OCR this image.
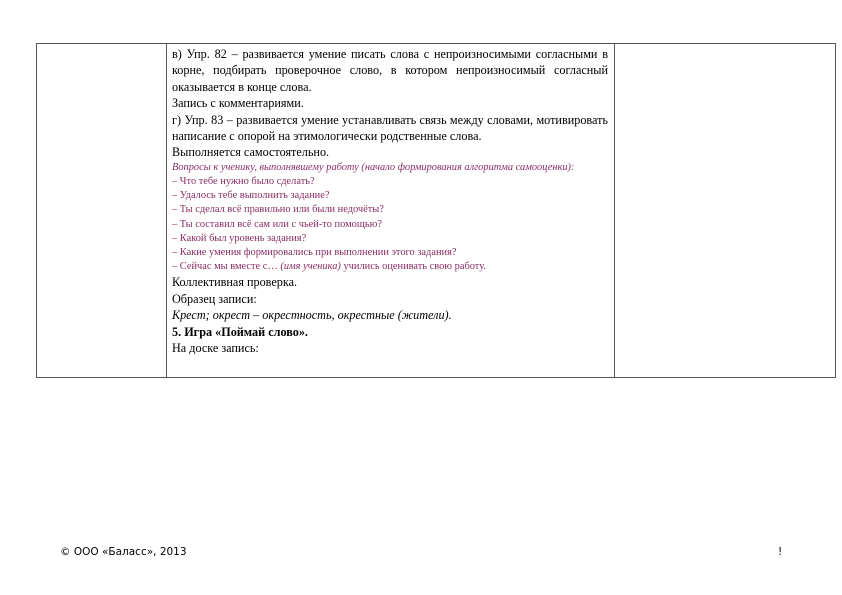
в) Упр. 82 – развивается умение писать слова с непроизносимыми согласными в корне, подбирать проверочное слово, в котором непроизносимый согласный оказывается в конце слова.

Запись с комментариями.

г) Упр. 83 – развивается умение устанавливать связь между словами, мотивировать написание с опорой на этимологически родственные слова.

Выполняется самостоятельно.

Вопросы к ученику, выполнявшему работу (начало формирования алгоритма самооценки):

– Что тебе нужно было сделать?

– Удалось тебе выполнить задание?

– Ты сделал всё правильно или были недочёты?

– Ты составил всё сам или с чьей-то помощью?

– Какой был уровень задания?

– Какие умения формировались при выполнении этого задания?

– Сейчас мы вместе с… (имя ученика) учились оценивать свою работу.

Коллективная проверка.

Образец записи:

Крест; окрест – окрестность, окрестные (жители).

5. Игра «Поймай слово».

На доске запись:

© ООО «Баласс», 2013	!
